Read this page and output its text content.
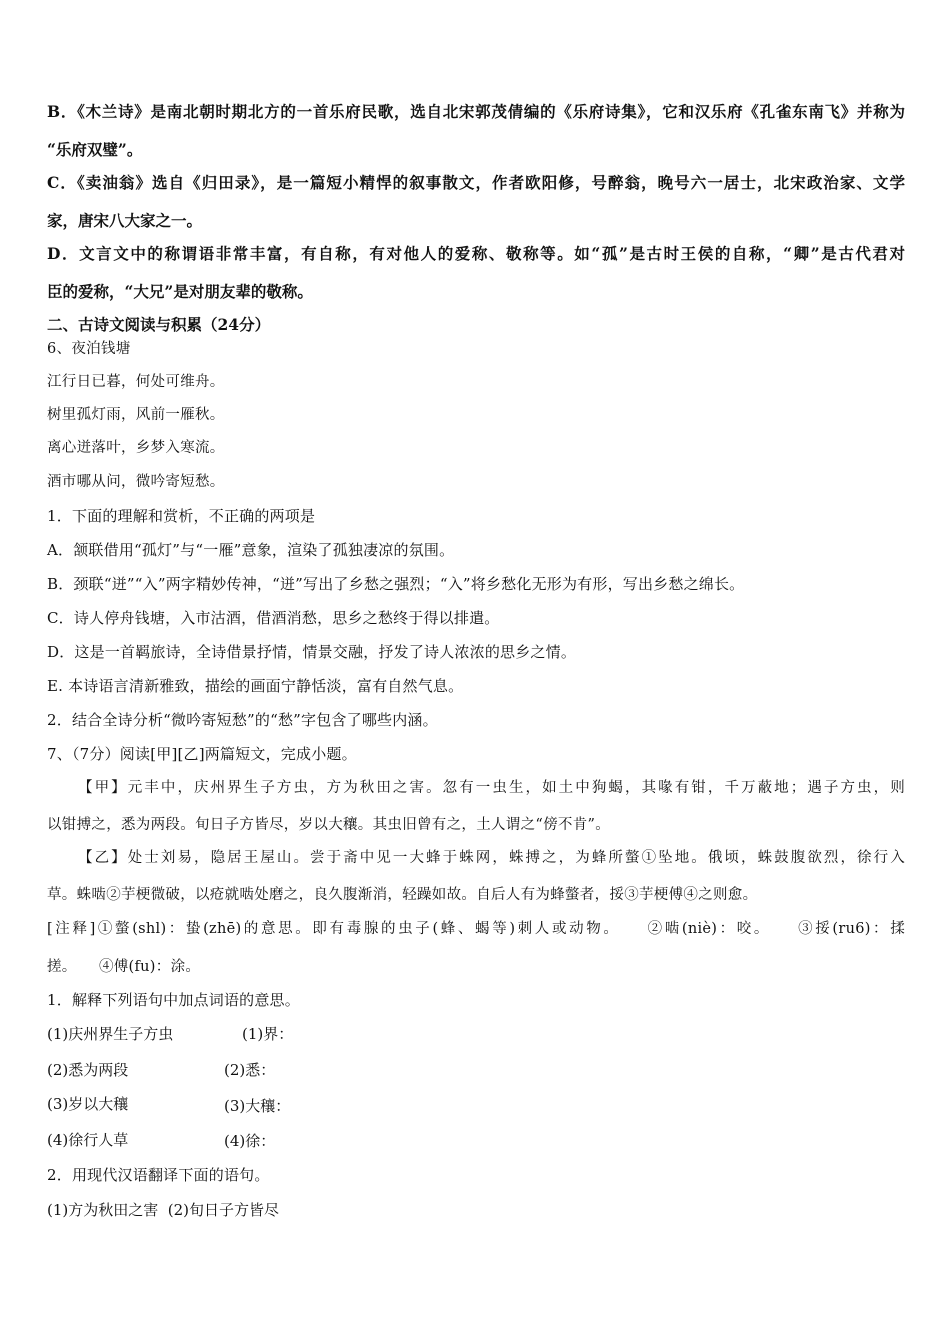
B．《木兰诗》是南北朝时期北方的一首乐府民歌，选自北宋郭茂倩编的《乐府诗集》，它和汉乐府《孔雀东南飞》并称为
“乐府双璧”。
C．《卖油翁》选自《归田录》，是一篇短小精悍的叙事散文，作者欧阳修，号醉翁，晚号六一居士，北宋政治家、文学
家，唐宋八大家之一。
D．文言文中的称谓语非常丰富，有自称，有对他人的爱称、敬称等。如“孤”是古时王侯的自称，“卿”是古代君对
臣的爱称，“大兄”是对朋友辈的敬称。
二、古诗文阅读与积累（24分）
6、夜泊钱塘
江行日已暮，何处可维舟。
树里孤灯雨，风前一雁秋。
离心迸落叶，乡梦入寒流。
酒市哪从问，微吟寄短愁。
1．下面的理解和赏析，不正确的两项是
A．颔联借用“孤灯”与“一雁”意象，渲染了孤独凄凉的氛围。
B．颈联“迸”“入”两字精妙传神，“迸”写出了乡愁之强烈；“入”将乡愁化无形为有形，写出乡愁之绵长。
C．诗人停舟钱塘，入市沽酒，借酒消愁，思乡之愁终于得以排遣。
D．这是一首羁旅诗，全诗借景抒情，情景交融，抒发了诗人浓浓的思乡之情。
E. 本诗语言清新雅致，描绘的画面宁静恬淡，富有自然气息。
2．结合全诗分析“微吟寄短愁”的“愁”字包含了哪些内涵。
7、（7分）阅读[甲][乙]两篇短文，完成小题。
【甲】元丰中，庆州界生子方虫，方为秋田之害。忽有一虫生，如土中狗蝎，其喙有钳，千万蔽地；遇子方虫，则
以钳搏之，悉为两段。旬日子方皆尽，岁以大穰。其虫旧曾有之，土人谓之“傍不肯”。
【乙】处士刘易，隐居王屋山。尝于斋中见一大蜂于蛛网，蛛搏之，为蜂所螫①坠地。俄顷，蛛鼓腹欲烈，徐行入
草。蛛啮②芋梗微破，以疮就啮处磨之，良久腹渐消，轻躁如故。自后人有为蜂螫者，挼③芋梗傅④之则愈。
[注释]①螫(shl)：蛰(zhē)的意思。即有毒腺的虫子(蜂、蝎等)刺人或动物。　　②啮(niè)：咬。　　③挼(ru6)：揉
搓。　　④傅(fu)：涂。
1．解释下列语句中加点词语的意思。
(1)庆州界生子方虫	(1)界：
(2)悉为两段	(2)悉：
(3)岁以大穰	(3)大穰：
(4)徐行人草	(4)徐：
2．用现代汉语翻译下面的语句。
(1)方为秋田之害  (2)旬日子方皆尽
